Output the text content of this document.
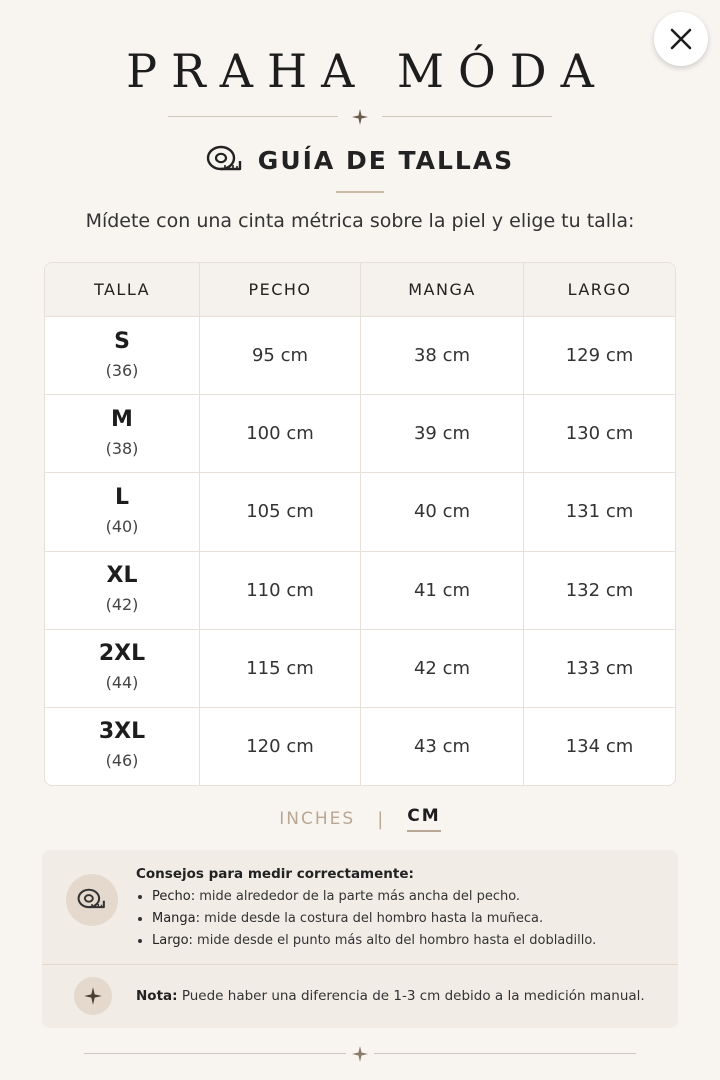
PRAHA MÓDA
GUÍA DE TALLAS
Mídete con una cinta métrica sobre la piel y elige tu talla:
TALLA	PECHO	MANGA	LARGO

S
(36)	95 cm	38 cm	129 cm

M
(38)	100 cm	39 cm	130 cm

L
(40)	105 cm	40 cm	131 cm

XL
(42)	110 cm	41 cm	132 cm

2XL
(44)	115 cm	42 cm	133 cm

3XL
(46)	120 cm	43 cm	134 cm
INCHES | CM
Consejos para medir correctamente:
• Pecho: mide alrededor de la parte más ancha del pecho.
• Manga: mide desde la costura del hombro hasta la muñeca.
• Largo: mide desde el punto más alto del hombro hasta el dobladillo.
Nota: Puede haber una diferencia de 1-3 cm debido a la medición manual.
